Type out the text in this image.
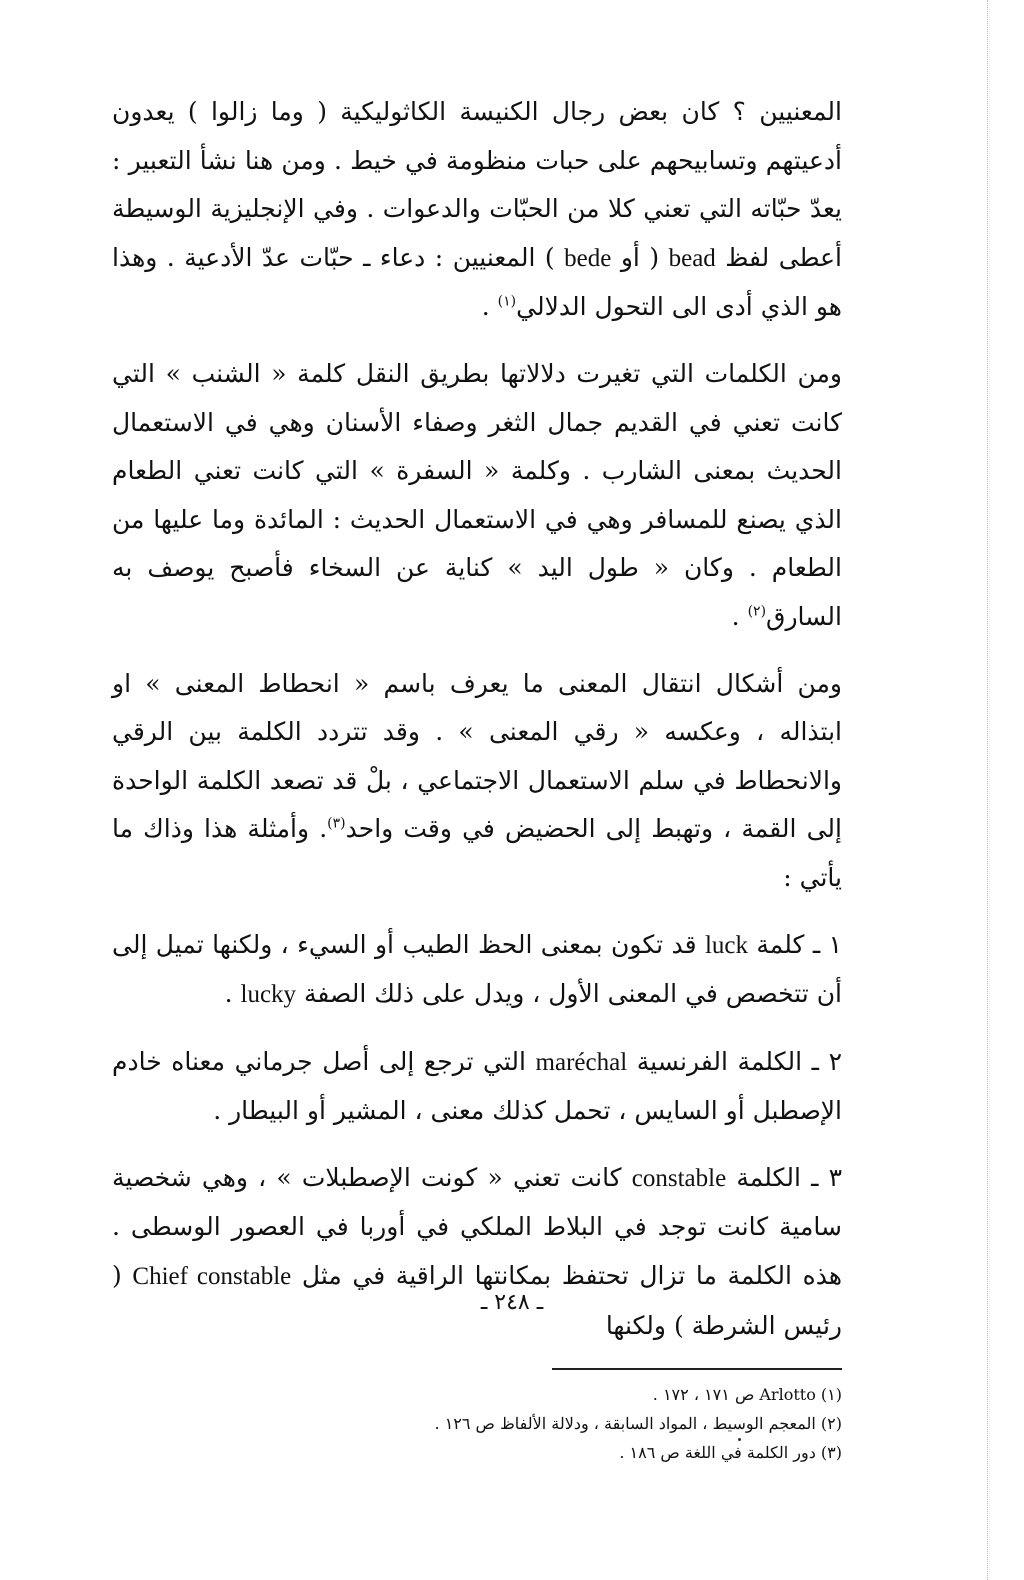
المعنيين ؟ كان بعض رجال الكنيسة الكاثوليكية ( وما زالوا ) يعدون أدعيتهم وتسابيحهم على حبات منظومة في خيط . ومن هنا نشأ التعبير : يعدّ حبّاته التي تعني كلا من الحبّات والدعوات . وفي الإنجليزية الوسيطة أعطى لفظ bead ( أو bede ) المعنيين : دعاء ـ حبّات عدّ الأدعية . وهذا هو الذي أدى الى التحول الدلالي$^{(١)}$ .

ومن الكلمات التي تغيرت دلالاتها بطريق النقل كلمة « الشنب » التي كانت تعني في القديم جمال الثغر وصفاء الأسنان وهي في الاستعمال الحديث بمعنى الشارب . وكلمة « السفرة » التي كانت تعني الطعام الذي يصنع للمسافر وهي في الاستعمال الحديث : المائدة وما عليها من الطعام . وكان « طول اليد » كناية عن السخاء فأصبح يوصف به السارق$^{(٢)}$ .

ومن أشكال انتقال المعنى ما يعرف باسم « انحطاط المعنى » او ابتذاله ، وعكسه « رقي المعنى » . وقد تتردد الكلمة بين الرقي والانحطاط في سلم الاستعمال الاجتماعي ، بلْ قد تصعد الكلمة الواحدة إلى القمة ، وتهبط إلى الحضيض في وقت واحد$^{(٣)}$. وأمثلة هذا وذاك ما يأتي :

١ ـ كلمة luck قد تكون بمعنى الحظ الطيب أو السيء ، ولكنها تميل إلى أن تتخصص في المعنى الأول ، ويدل على ذلك الصفة lucky .

٢ ـ الكلمة الفرنسية maréchal التي ترجع إلى أصل جرماني معناه خادم الإصطبل أو السايس ، تحمل كذلك معنى ، المشير أو البيطار .

٣ ـ الكلمة constable كانت تعني « كونت الإصطبلات » ، وهي شخصية سامية كانت توجد في البلاط الملكي في أوربا في العصور الوسطى . هذه الكلمة ما تزال تحتفظ بمكانتها الراقية في مثل Chief constable ( رئيس الشرطة ) ولكنها

(١) Arlotto ص ١٧١ ، ١٧٢ .

(٢) المعجم الوسيط ، المواد السابقة ، ودلالة الألفاظ ص ١٢٦ .

(٣) دور الكلمة في اللغة ص ١٨٦ .

ـ ٢٤٨ ـ
